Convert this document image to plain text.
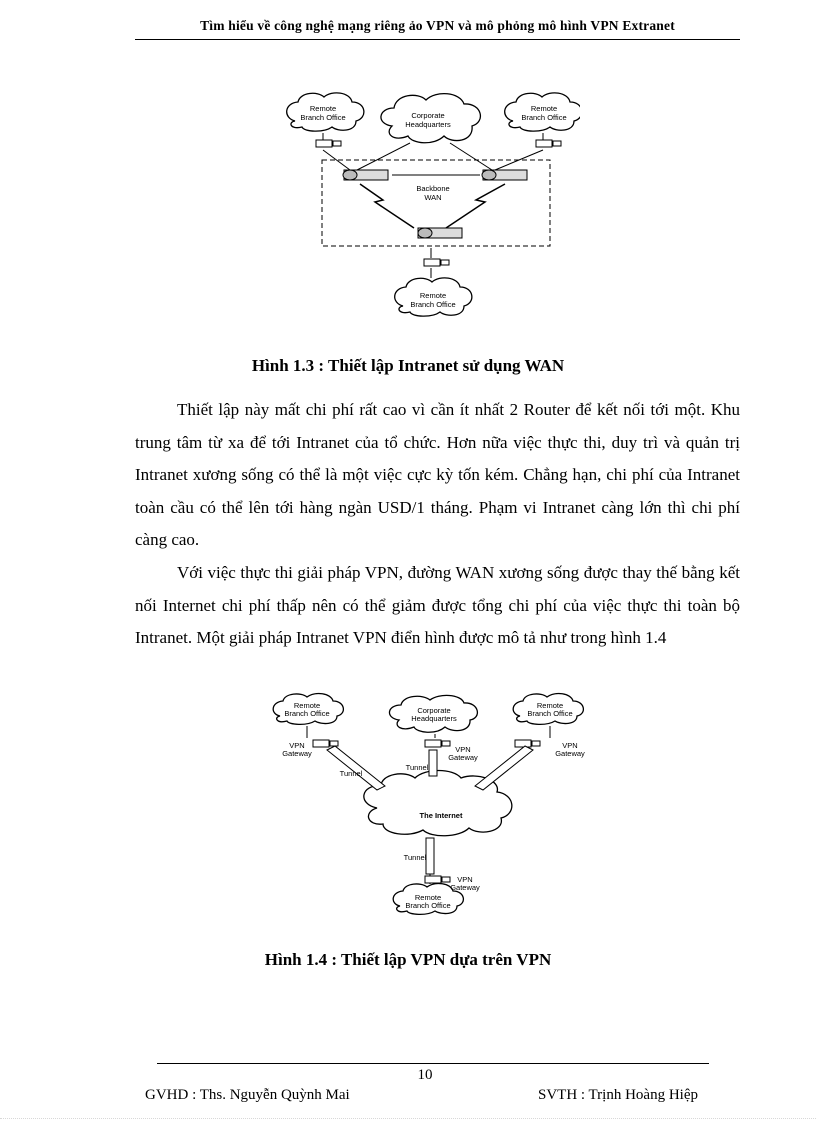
Tìm hiểu về công nghệ mạng riêng ảo VPN và mô phỏng mô hình VPN Extranet
Remote
Branch Office	Corporate
Headquarters
Remote
Branch Office
Backbone
WAN
Remote
Branch Office
Hình 1.3 : Thiết lập Intranet sử dụng WAN

Thiết lập này mất chi phí rất cao vì cần ít nhất 2 Router để kết nối tới một. Khu trung tâm từ xa để tới Intranet của tổ chức. Hơn nữa việc thực thi, duy trì và quản trị Intranet xương sống có thể là một việc cực kỳ tốn kém. Chẳng hạn, chi phí của Intranet toàn cầu có thể lên tới hàng ngàn USD/1 tháng. Phạm vi Intranet càng lớn thì chi phí càng cao.

Với việc thực thi giải pháp VPN, đường WAN xương sống được thay thế bằng kết nối Internet chi phí thấp nên có thể giảm được tổng chi phí của việc thực thi toàn bộ Intranet. Một giải pháp Intranet VPN điển hình được mô tả như trong hình 1.4

Remote
Branch Office	Corporate
Headquarters
Remote
Branch Office
VPN
Gateway	VPN
Gateway
VPN
Gateway
Tunnel
Tunnel
Tunnel
The Internet
VPN
Gateway
Remote
Branch Office
Hình 1.4 : Thiết lập VPN dựa trên VPN
10
GVHD : Ths. Nguyễn Quỳnh Mai	SVTH : Trịnh Hoàng Hiệp
